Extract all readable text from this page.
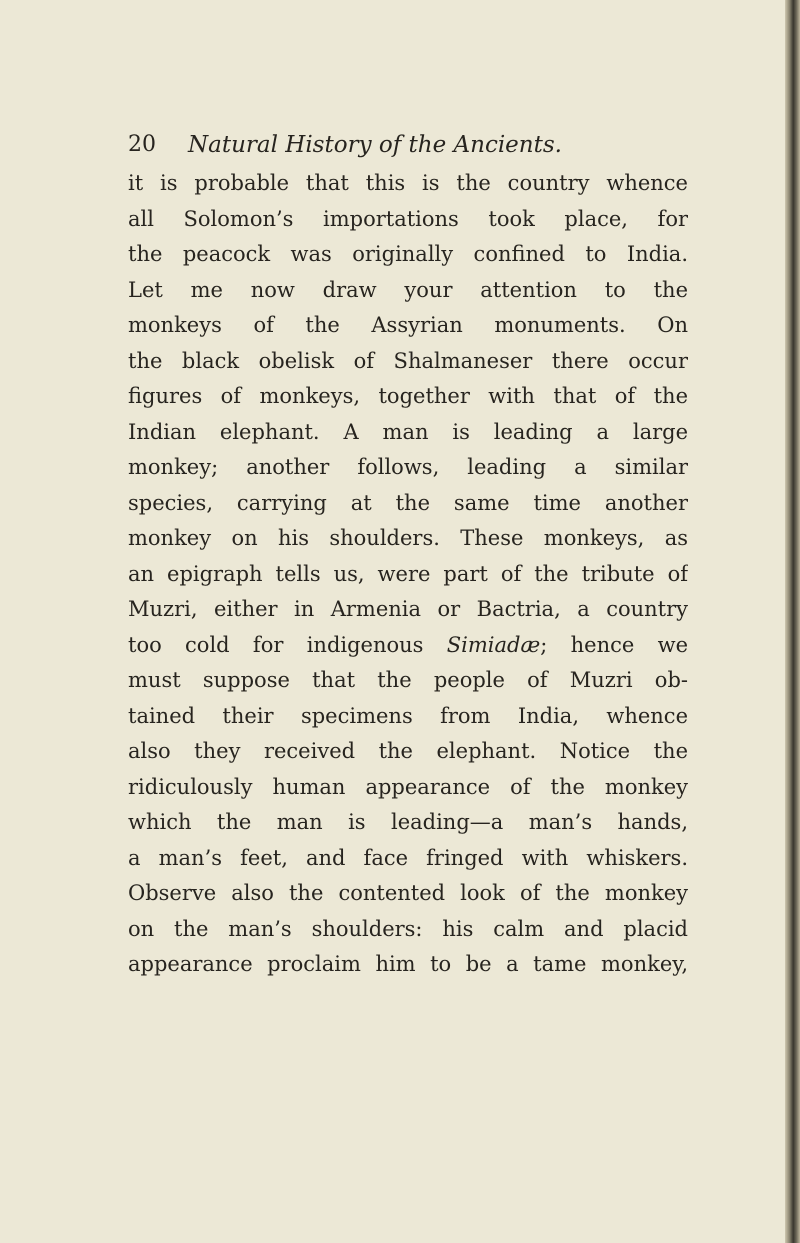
20 Natural History of the Ancients.
it is probable that this is the country whence
all Solomon’s importations took place, for
the peacock was originally confined to India.
Let me now draw your attention to the
monkeys of the Assyrian monuments. On
the black obelisk of Shalmaneser there occur
figures of monkeys, together with that of the
Indian elephant. A man is leading a large
monkey; another follows, leading a similar
species, carrying at the same time another
monkey on his shoulders. These monkeys, as
an epigraph tells us, were part of the tribute of
Muzri, either in Armenia or Bactria, a country
too cold for indigenous Simiadæ; hence we
must suppose that the people of Muzri ob-
tained their specimens from India, whence
also they received the elephant. Notice the
ridiculously human appearance of the monkey
which the man is leading—a man’s hands,
a man’s feet, and face fringed with whiskers.
Observe also the contented look of the monkey
on the man’s shoulders: his calm and placid
appearance proclaim him to be a tame monkey,
